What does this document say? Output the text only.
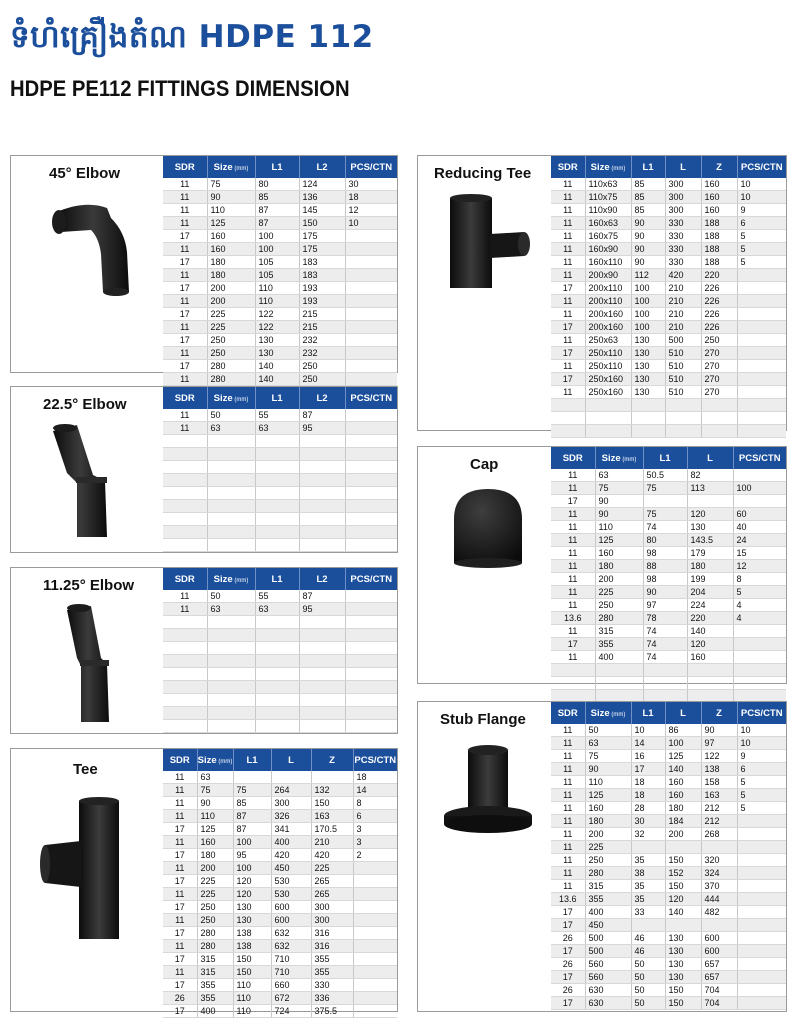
ទំហំគ្រឿងតំណ HDPE 112
HDPE PE112 FITTINGS DIMENSION
45° Elbow	SDR	Size (mm)	L1	L2	PCS/CTN
11	75	80	124	30
11	90	85	136	18
11	110	87	145	12
11	125	87	150	10
17	160	100	175	
11	160	100	175	
17	180	105	183	
11	180	105	183	
17	200	110	193	
11	200	110	193	
17	225	122	215	
11	225	122	215	
17	250	130	232	
11	250	130	232	
17	280	140	250	
11	280	140	250	
22.5° Elbow	SDR	Size (mm)	L1	L2	PCS/CTN
11	50	55	87	
11	63	63	95	

11.25° Elbow	SDR	Size (mm)	L1	L2	PCS/CTN
11	50	55	87	
11	63	63	95	

Tee
SDR	Size (mm)	L1	L	Z	PCS/CTN
11	63				18
11	75	75	264	132	14
11	90	85	300	150	8
11	110	87	326	163	6
17	125	87	341	170.5	3
11	160	100	400	210	3
17	180	95	420	420	2
11	200	100	450	225	
17	225	120	530	265	
11	225	120	530	265	
17	250	130	600	300	
11	250	130	600	300	
17	280	138	632	316	
11	280	138	632	316	
17	315	150	710	355	
11	315	150	710	355	
17	355	110	660	330	
26	355	110	672	336	
17	400	110	724	375.5	
Reducing Tee	SDR	Size (mm)	L1	L	Z	PCS/CTN
11	110x63	85	300	160	10
11	110x75	85	300	160	10
11	110x90	85	300	160	9
11	160x63	90	330	188	6
11	160x75	90	330	188	5
11	160x90	90	330	188	5
11	160x110	90	330	188	5
11	200x90	112	420	220	
17	200x110	100	210	226	
11	200x110	100	210	226	
11	200x160	100	210	226	
17	200x160	100	210	226	
11	250x63	130	500	250	
17	250x110	130	510	270	
11	250x110	130	510	270	
17	250x160	130	510	270	
11	250x160	130	510	270	

Cap	SDR	Size (mm)	L1	L	PCS/CTN
11	63	50.5	82	
11	75	75	113	100
17	90			
11	90	75	120	60
11	110	74	130	40
11	125	80	143.5	24
11	160	98	179	15
11	180	88	180	12
11	200	98	199	8
11	225	90	204	5
11	250	97	224	4
13.6	280	78	220	4
11	315	74	140	
17	355	74	120	
11	400	74	160	

Stub Flange	SDR	Size (mm)	L1	L	Z	PCS/CTN
11	50	10	86	90	10
11	63	14	100	97	10
11	75	16	125	122	9
11	90	17	140	138	6
11	110	18	160	158	5
11	125	18	160	163	5
11	160	28	180	212	5
11	180	30	184	212	
11	200	32	200	268	
11	225				
11	250	35	150	320	
11	280	38	152	324	
11	315	35	150	370	
13.6	355	35	120	444	
17	400	33	140	482	
17	450				
26	500	46	130	600	
17	500	46	130	600	
26	560	50	130	657	
17	560	50	130	657	
26	630	50	150	704	
17	630	50	150	704	
